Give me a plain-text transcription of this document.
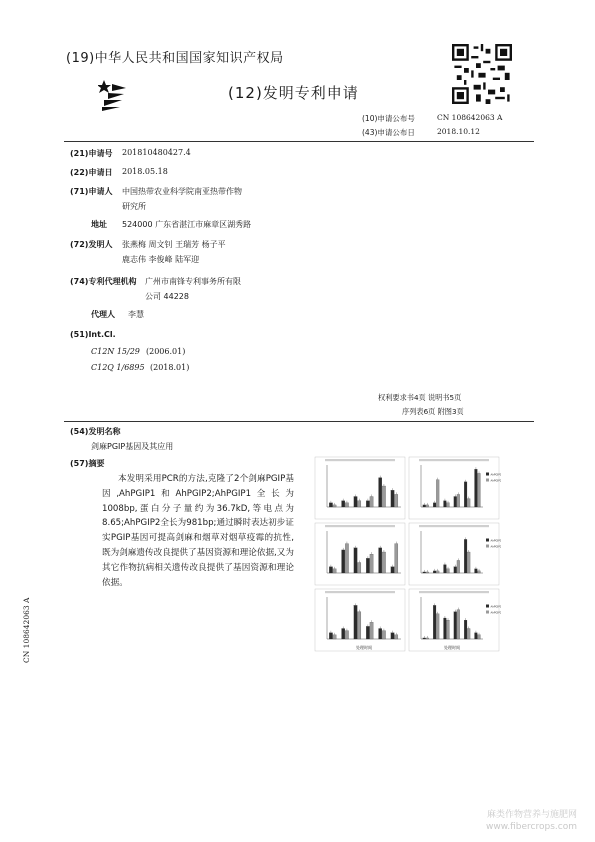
(19)中华人民共和国国家知识产权局
(12)发明专利申请
(10)申请公布号	CN 108642063 A
(43)申请公布日	2018.10.12
(21)申请号 201810480427.4
(22)申请日 2018.05.18
(71)申请人 中国热带农业科学院南亚热带作物
研究所
地址 524000 广东省湛江市麻章区湖秀路
(72)发明人 张燕梅 周文钊 王瑞芳 杨子平
鹿志伟 李俊峰 陆军迎
(74)专利代理机构 广州市南锋专利事务所有限
公司 44228
代理人 李慧
(51)Int.Cl.
C12N 15/29 (2006.01)
C12Q 1/6895 (2018.01)
权利要求书4页 说明书5页
序列表6页 附图3页
(54)发明名称
剑麻PGIP基因及其应用
(57)摘要
本发明采用PCR的方法,克隆了2个剑麻PGIP基因,AhPGIP1和AhPGIP2;AhPGIP1全长为1008bp,蛋白分子量约为36.7kD,等电点为8.65;AhPGIP2全长为981bp;通过瞬时表达初步证实PGIP基因可提高剑麻和烟草对烟草疫霉的抗性,既为剑麻遗传改良提供了基因资源和理论依据,又为其它作物抗病相关遗传改良提供了基因资源和理论依据。
AhPGIP1
AhPGIP2
AhPGIP1
AhPGIP2
处理时间
AhPGIP1
AhPGIP2
处理时间
CN 108642063 A
麻类作物营养与施肥网
www.fibercrops.com
